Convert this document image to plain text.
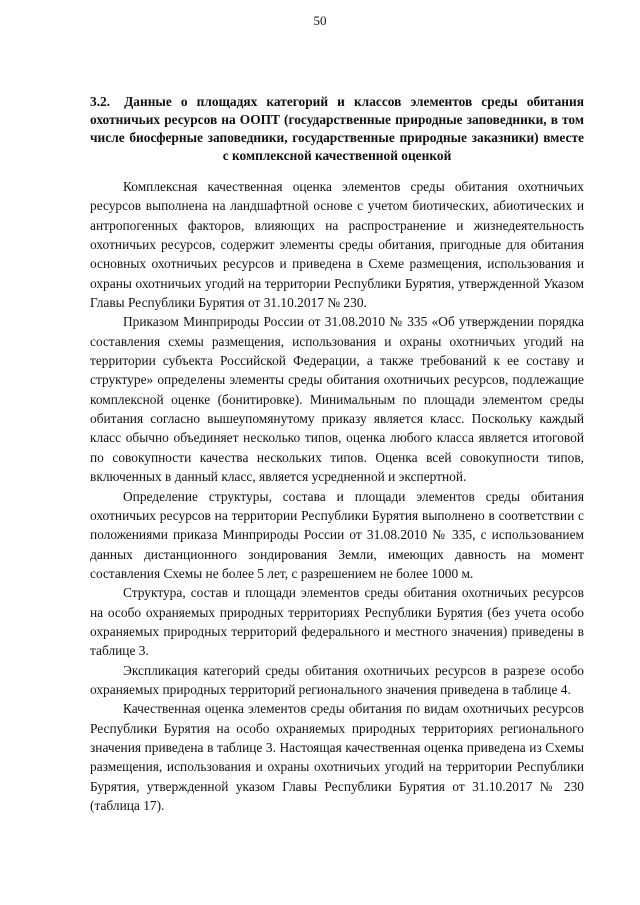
50
3.2. Данные о площадях категорий и классов элементов среды обитания охотничьих ресурсов на ООПТ (государственные природные заповедники, в том числе биосферные заповедники, государственные природные заказники) вместе с комплексной качественной оценкой

Комплексная качественная оценка элементов среды обитания охотничьих ресурсов выполнена на ландшафтной основе с учетом биотических, абиотических и антропогенных факторов, влияющих на распространение и жизнедеятельность охотничьих ресурсов, содержит элементы среды обитания, пригодные для обитания основных охотничьих ресурсов и приведена в Схеме размещения, использования и охраны охотничьих угодий на территории Республики Бурятия, утвержденной Указом Главы Республики Бурятия от 31.10.2017 № 230.

Приказом Минприроды России от 31.08.2010 № 335 «Об утверждении порядка составления схемы размещения, использования и охраны охотничьих угодий на территории субъекта Российской Федерации, а также требований к ее составу и структуре» определены элементы среды обитания охотничьих ресурсов, подлежащие комплексной оценке (бонитировке). Минимальным по площади элементом среды обитания согласно вышеупомянутому приказу является класс. Поскольку каждый класс обычно объединяет несколько типов, оценка любого класса является итоговой по совокупности качества нескольких типов. Оценка всей совокупности типов, включенных в данный класс, является усредненной и экспертной.

Определение структуры, состава и площади элементов среды обитания охотничьих ресурсов на территории Республики Бурятия выполнено в соответствии с положениями приказа Минприроды России от 31.08.2010 № 335, с использованием данных дистанционного зондирования Земли, имеющих давность на момент составления Схемы не более 5 лет, с разрешением не более 1000 м.

Структура, состав и площади элементов среды обитания охотничьих ресурсов на особо охраняемых природных территориях Республики Бурятия (без учета особо охраняемых природных территорий федерального и местного значения) приведены в таблице 3.

Экспликация категорий среды обитания охотничьих ресурсов в разрезе особо охраняемых природных территорий регионального значения приведена в таблице 4.

Качественная оценка элементов среды обитания по видам охотничьих ресурсов Республики Бурятия на особо охраняемых природных территориях регионального значения приведена в таблице 3. Настоящая качественная оценка приведена из Схемы размещения, использования и охраны охотничьих угодий на территории Республики Бурятия, утвержденной указом Главы Республики Бурятия от 31.10.2017 № 230 (таблица 17).
